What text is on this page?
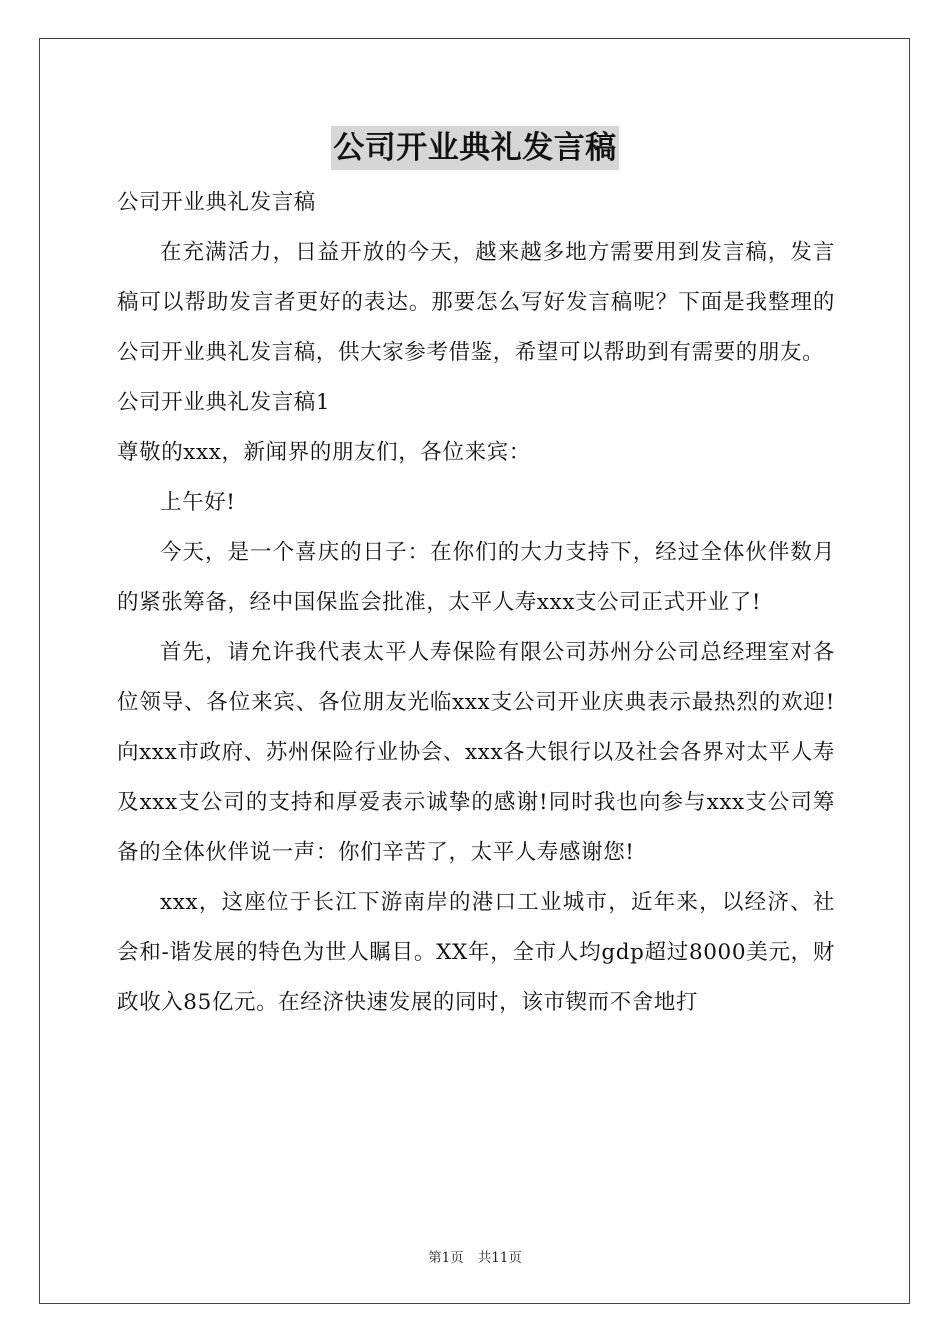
公司开业典礼发言稿

公司开业典礼发言稿

在充满活力，日益开放的今天，越来越多地方需要用到发言稿，发言稿可以帮助发言者更好的表达。那要怎么写好发言稿呢？下面是我整理的公司开业典礼发言稿，供大家参考借鉴，希望可以帮助到有需要的朋友。

公司开业典礼发言稿1

尊敬的xxx，新闻界的朋友们，各位来宾：

上午好!

今天，是一个喜庆的日子：在你们的大力支持下，经过全体伙伴数月的紧张筹备，经中国保监会批准，太平人寿xxx支公司正式开业了!

首先，请允许我代表太平人寿保险有限公司苏州分公司总经理室对各位领导、各位来宾、各位朋友光临xxx支公司开业庆典表示最热烈的欢迎!向xxx市政府、苏州保险行业协会、xxx各大银行以及社会各界对太平人寿及xxx支公司的支持和厚爱表示诚挚的感谢!同时我也向参与xxx支公司筹备的全体伙伴说一声：你们辛苦了，太平人寿感谢您!

xxx，这座位于长江下游南岸的港口工业城市，近年来，以经济、社会和-谐发展的特色为世人瞩目。XX年，全市人均gdp超过8000美元，财政收入85亿元。在经济快速发展的同时，该市锲而不舍地打

第1页 共11页
